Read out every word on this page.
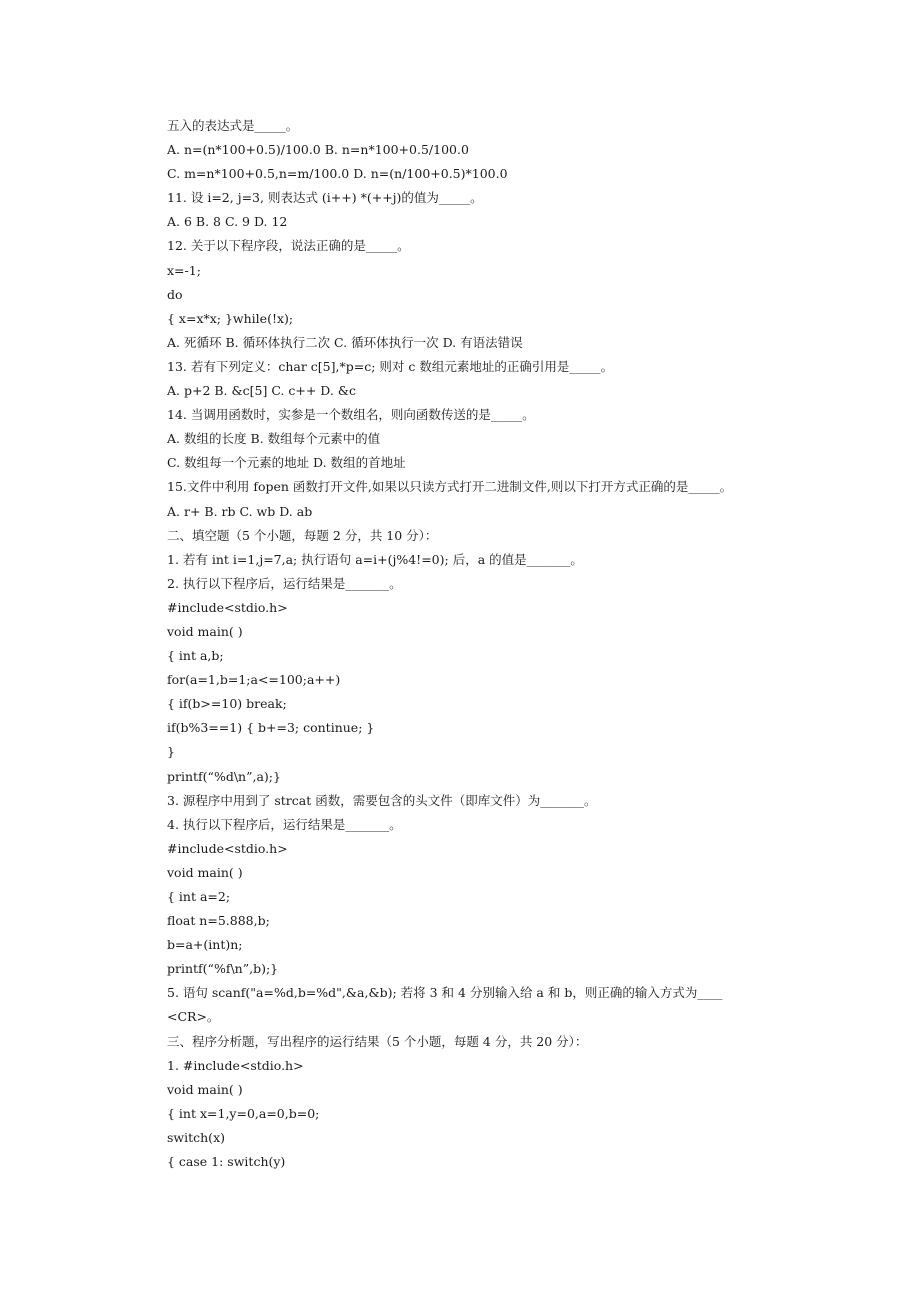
五入的表达式是_____。
A. n=(n*100+0.5)/100.0 B. n=n*100+0.5/100.0
C. m=n*100+0.5,n=m/100.0 D. n=(n/100+0.5)*100.0
11. 设 i=2, j=3, 则表达式 (i++) *(++j)的值为_____。
A. 6 B. 8 C. 9 D. 12
12. 关于以下程序段，说法正确的是_____。
x=-1;
do
{ x=x*x; }while(!x);
A. 死循环 B. 循环体执行二次 C. 循环体执行一次 D. 有语法错误
13. 若有下列定义：char c[5],*p=c; 则对 c 数组元素地址的正确引用是_____。
A. p+2 B. &c[5] C. c++ D. &c
14. 当调用函数时，实参是一个数组名，则向函数传送的是_____。
A. 数组的长度 B. 数组每个元素中的值
C. 数组每一个元素的地址 D. 数组的首地址
15.文件中利用 fopen 函数打开文件,如果以只读方式打开二进制文件,则以下打开方式正确的是_____。
A. r+ B. rb C. wb D. ab
二、填空题（5 个小题，每题 2 分，共 10 分）：
1. 若有 int i=1,j=7,a; 执行语句 a=i+(j%4!=0); 后，a 的值是_______。
2. 执行以下程序后，运行结果是_______。
#include<stdio.h>
void main( )
{ int a,b;
for(a=1,b=1;a<=100;a++)
{ if(b>=10) break;
if(b%3==1) { b+=3; continue; }
}
printf(“%d\n”,a);}
3. 源程序中用到了 strcat 函数，需要包含的头文件（即库文件）为_______。
4. 执行以下程序后，运行结果是_______。
#include<stdio.h>
void main( )
{ int a=2;
float n=5.888,b;
b=a+(int)n;
printf(“%f\n”,b);}
5. 语句 scanf("a=%d,b=%d",&a,&b); 若将 3 和 4 分别输入给 a 和 b，则正确的输入方式为____
<CR>。
三、程序分析题，写出程序的运行结果（5 个小题，每题 4 分，共 20 分）：
1. #include<stdio.h>
void main( )
{ int x=1,y=0,a=0,b=0;
switch(x)
{ case 1: switch(y)
